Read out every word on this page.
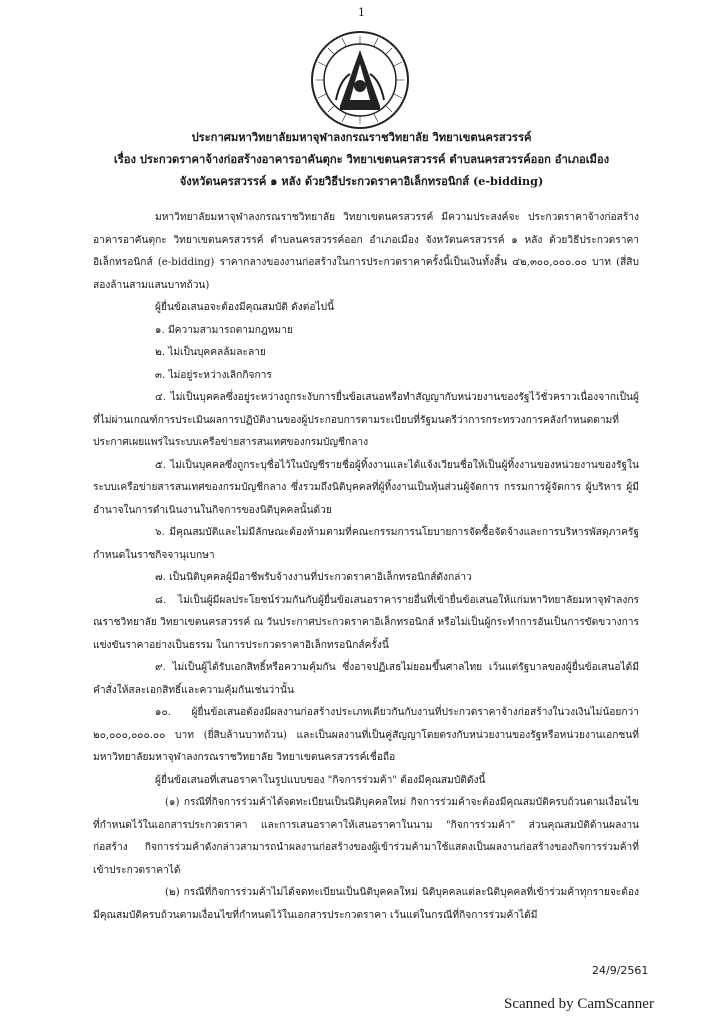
1
ประกาศมหาวิทยาลัยมหาจุฬาลงกรณราชวิทยาลัย วิทยาเขตนครสวรรค์
เรื่อง ประกวดราคาจ้างก่อสร้างอาคารอาคันตุกะ วิทยาเขตนครสวรรค์ ตำบลนครสวรรค์ออก อำเภอเมือง
จังหวัดนครสวรรค์ ๑ หลัง ด้วยวิธีประกวดราคาอิเล็กทรอนิกส์ (e-bidding)

มหาวิทยาลัยมหาจุฬาลงกรณราชวิทยาลัย วิทยาเขตนครสวรรค์ มีความประสงค์จะ ประกวดราคาจ้างก่อสร้างอาคารอาคันตุกะ วิทยาเขตนครสวรรค์ ตำบลนครสวรรค์ออก อำเภอเมือง จังหวัดนครสวรรค์ ๑ หลัง ด้วยวิธีประกวดราคาอิเล็กทรอนิกส์ (e-bidding) ราคากลางของงานก่อสร้างในการประกวดราคาครั้งนี้เป็นเงินทั้งสิ้น ๔๒,๓๐๐,๐๐๐.๐๐ บาท (สี่สิบสองล้านสามแสนบาทถ้วน)

ผู้ยื่นข้อเสนอจะต้องมีคุณสมบัติ ดังต่อไปนี้

๑. มีความสามารถตามกฎหมาย

๒. ไม่เป็นบุคคลล้มละลาย

๓. ไม่อยู่ระหว่างเลิกกิจการ

๔. ไม่เป็นบุคคลซึ่งอยู่ระหว่างถูกระงับการยื่นข้อเสนอหรือทำสัญญากับหน่วยงานของรัฐไว้ชั่วคราวเนื่องจากเป็นผู้ที่ไม่ผ่านเกณฑ์การประเมินผลการปฏิบัติงานของผู้ประกอบการตามระเบียบที่รัฐมนตรีว่าการกระทรวงการคลังกำหนดตามที่ประกาศเผยแพร่ในระบบเครือข่ายสารสนเทศของกรมบัญชีกลาง

๕. ไม่เป็นบุคคลซึ่งถูกระบุชื่อไว้ในบัญชีรายชื่อผู้ทิ้งงานและได้แจ้งเวียนชื่อให้เป็นผู้ทิ้งงานของหน่วยงานของรัฐในระบบเครือข่ายสารสนเทศของกรมบัญชีกลาง ซึ่งรวมถึงนิติบุคคลที่ผู้ทิ้งงานเป็นหุ้นส่วนผู้จัดการ กรรมการผู้จัดการ ผู้บริหาร ผู้มีอำนาจในการดำเนินงานในกิจการของนิติบุคคลนั้นด้วย

๖. มีคุณสมบัติและไม่มีลักษณะต้องห้ามตามที่คณะกรรมการนโยบายการจัดซื้อจัดจ้างและการบริหารพัสดุภาครัฐกำหนดในราชกิจจานุเบกษา

๗. เป็นนิติบุคคลผู้มีอาชีพรับจ้างงานที่ประกวดราคาอิเล็กทรอนิกส์ดังกล่าว

๘. ไม่เป็นผู้มีผลประโยชน์ร่วมกันกับผู้ยื่นข้อเสนอราคารายอื่นที่เข้ายื่นข้อเสนอให้แก่มหาวิทยาลัยมหาจุฬาลงกรณราชวิทยาลัย วิทยาเขตนครสวรรค์ ณ วันประกาศประกวดราคาอิเล็กทรอนิกส์ หรือไม่เป็นผู้กระทำการอันเป็นการขัดขวางการแข่งขันราคาอย่างเป็นธรรม ในการประกวดราคาอิเล็กทรอนิกส์ครั้งนี้

๙. ไม่เป็นผู้ได้รับเอกสิทธิ์หรือความคุ้มกัน ซึ่งอาจปฏิเสธไม่ยอมขึ้นศาลไทย เว้นแต่รัฐบาลของผู้ยื่นข้อเสนอได้มีคำสั่งให้สละเอกสิทธิ์และความคุ้มกันเช่นว่านั้น

๑๐. ผู้ยื่นข้อเสนอต้องมีผลงานก่อสร้างประเภทเดียวกันกับงานที่ประกวดราคาจ้างก่อสร้างในวงเงินไม่น้อยกว่า ๒๐,๐๐๐,๐๐๐.๐๐ บาท (ยี่สิบล้านบาทถ้วน) และเป็นผลงานที่เป็นคู่สัญญาโดยตรงกับหน่วยงานของรัฐหรือหน่วยงานเอกชนที่มหาวิทยาลัยมหาจุฬาลงกรณราชวิทยาลัย วิทยาเขตนครสวรรค์เชื่อถือ

ผู้ยื่นข้อเสนอที่เสนอราคาในรูปแบบของ "กิจการร่วมค้า" ต้องมีคุณสมบัติดังนี้

(๑) กรณีที่กิจการร่วมค้าได้จดทะเบียนเป็นนิติบุคคลใหม่ กิจการร่วมค้าจะต้องมีคุณสมบัติครบถ้วนตามเงื่อนไขที่กำหนดไว้ในเอกสารประกวดราคา และการเสนอราคาให้เสนอราคาในนาม "กิจการร่วมค้า" ส่วนคุณสมบัติด้านผลงานก่อสร้าง กิจการร่วมค้าดังกล่าวสามารถนำผลงานก่อสร้างของผู้เข้าร่วมค้ามาใช้แสดงเป็นผลงานก่อสร้างของกิจการร่วมค้าที่เข้าประกวดราคาได้

(๒) กรณีที่กิจการร่วมค้าไม่ได้จดทะเบียนเป็นนิติบุคคลใหม่ นิติบุคคลแต่ละนิติบุคคลที่เข้าร่วมค้าทุกรายจะต้องมีคุณสมบัติครบถ้วนตามเงื่อนไขที่กำหนดไว้ในเอกสารประกวดราคา เว้นแต่ในกรณีที่กิจการร่วมค้าได้มี

24/9/2561
Scanned by CamScanner
